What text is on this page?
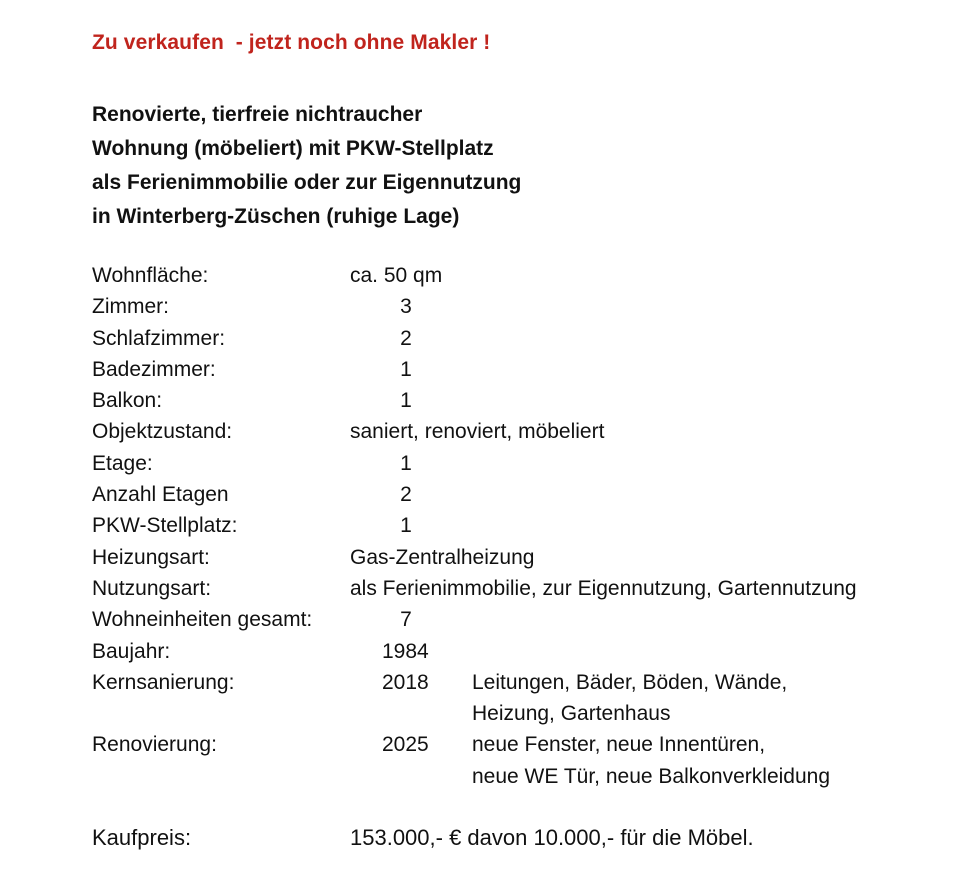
Zu verkaufen  - jetzt noch ohne Makler !
Renovierte, tierfreie nichtraucher
Wohnung (möbeliert) mit PKW-Stellplatz
als Ferienimmobilie oder zur Eigennutzung
in Winterberg-Züschen (ruhige Lage)
Wohnfläche:	ca. 50 qm
Zimmer:	3
Schlafzimmer:	2
Badezimmer:	1
Balkon:	1
Objektzustand:	saniert, renoviert, möbeliert
Etage:	1
Anzahl Etagen	2
PKW-Stellplatz:	1
Heizungsart:	Gas-Zentralheizung
Nutzungsart:	als Ferienimmobilie, zur Eigennutzung, Gartennutzung
Wohneinheiten gesamt:	7
Baujahr:	1984
Kernsanierung:	2018 Leitungen, Bäder, Böden, Wände,
Heizung, Gartenhaus
Renovierung:	2025 neue Fenster, neue Innentüren,
neue WE Tür, neue Balkonverkleidung
Kaufpreis:	153.000,- € davon 10.000,- für die Möbel.
